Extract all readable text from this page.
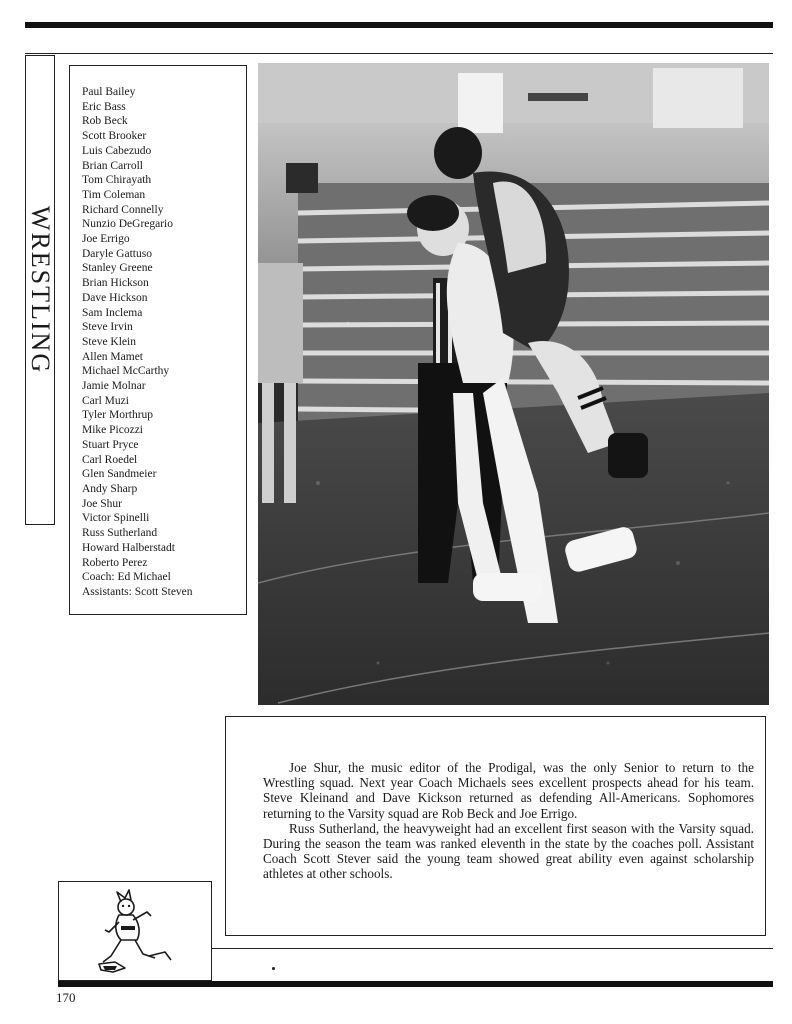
WRESTLING
Paul Bailey
Eric Bass
Rob Beck
Scott Brooker
Luis Cabezudo
Brian Carroll
Tom Chirayath
Tim Coleman
Richard Connelly
Nunzio DeGregario
Joe Errigo
Daryle Gattuso
Stanley Greene
Brian Hickson
Dave Hickson
Sam Inclema
Steve Irvin
Steve Klein
Allen Mamet
Michael McCarthy
Jamie Molnar
Carl Muzi
Tyler Morthrup
Mike Picozzi
Stuart Pryce
Carl Roedel
Glen Sandmeier
Andy Sharp
Joe Shur
Victor Spinelli
Russ Sutherland
Howard Halberstadt
Roberto Perez
Coach: Ed Michael
Assistants: Scott Steven

Joe Shur, the music editor of the Prodigal, was the only Senior to return to the Wrestling squad. Next year Coach Michaels sees excellent prospects ahead for his team. Steve Kleinand and Dave Kickson returned as defending All-Americans. Sophomores returning to the Varsity squad are Rob Beck and Joe Errigo.

Russ Sutherland, the heavyweight had an excellent first season with the Varsity squad. During the season the team was ranked eleventh in the state by the coaches poll. Assistant Coach Scott Stever said the young team showed great ability even against scholarship athletes at other schools.

170
